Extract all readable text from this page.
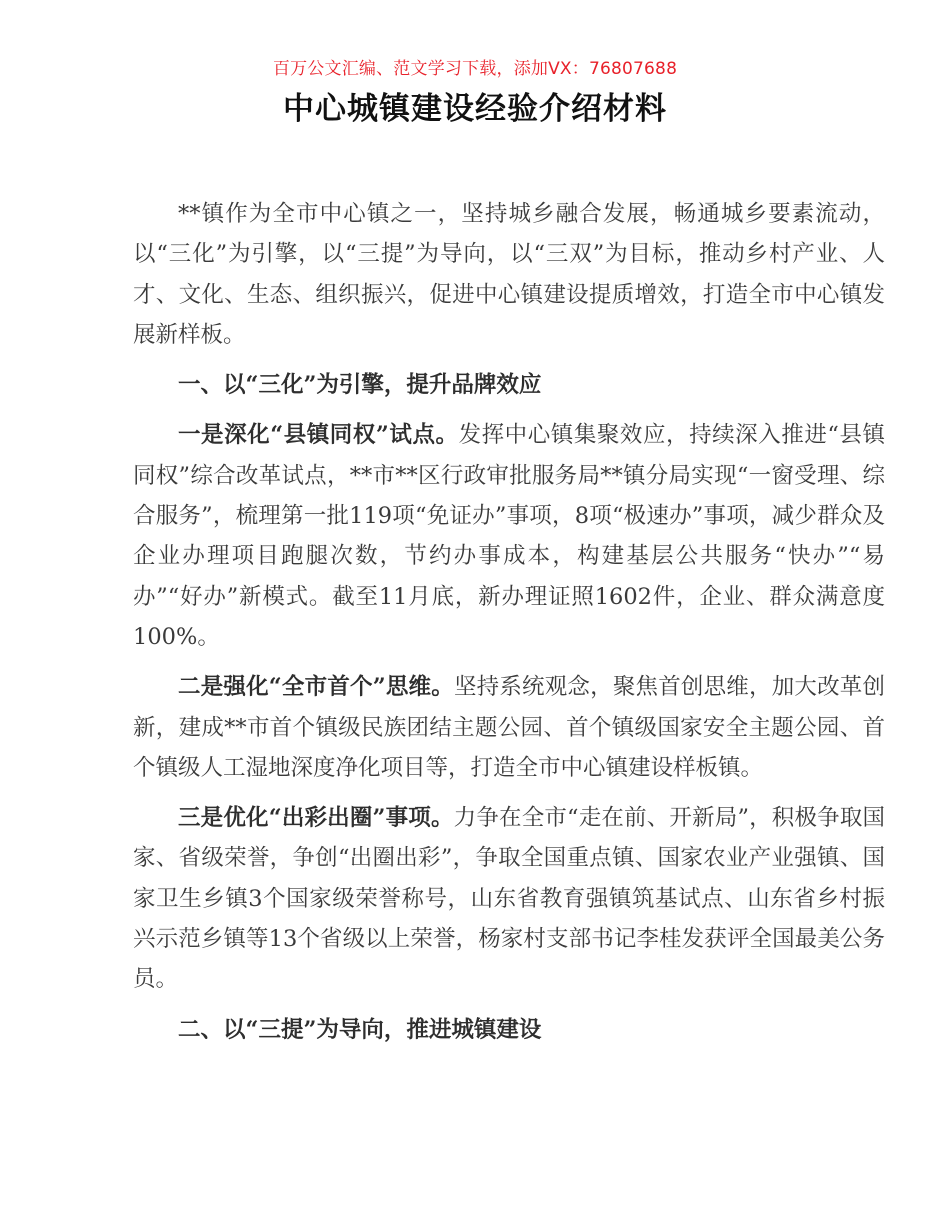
百万公文汇编、范文学习下载，添加VX：76807688
中心城镇建设经验介绍材料

**镇作为全市中心镇之一，坚持城乡融合发展，畅通城乡要素流动，以“三化”为引擎，以“三提”为导向，以“三双”为目标，推动乡村产业、人才、文化、生态、组织振兴，促进中心镇建设提质增效，打造全市中心镇发展新样板。

一、以“三化”为引擎，提升品牌效应

一是深化“县镇同权”试点。发挥中心镇集聚效应，持续深入推进“县镇同权”综合改革试点，**市**区行政审批服务局**镇分局实现“一窗受理、综合服务”，梳理第一批119项“免证办”事项，8项“极速办”事项，减少群众及企业办理项目跑腿次数，节约办事成本，构建基层公共服务“快办”“易办”“好办”新模式。截至11月底，新办理证照1602件，企业、群众满意度100%。

二是强化“全市首个”思维。坚持系统观念，聚焦首创思维，加大改革创新，建成**市首个镇级民族团结主题公园、首个镇级国家安全主题公园、首个镇级人工湿地深度净化项目等，打造全市中心镇建设样板镇。

三是优化“出彩出圈”事项。力争在全市“走在前、开新局”，积极争取国家、省级荣誉，争创“出圈出彩”，争取全国重点镇、国家农业产业强镇、国家卫生乡镇3个国家级荣誉称号，山东省教育强镇筑基试点、山东省乡村振兴示范乡镇等13个省级以上荣誉，杨家村支部书记李桂发获评全国最美公务员。

二、以“三提”为导向，推进城镇建设
